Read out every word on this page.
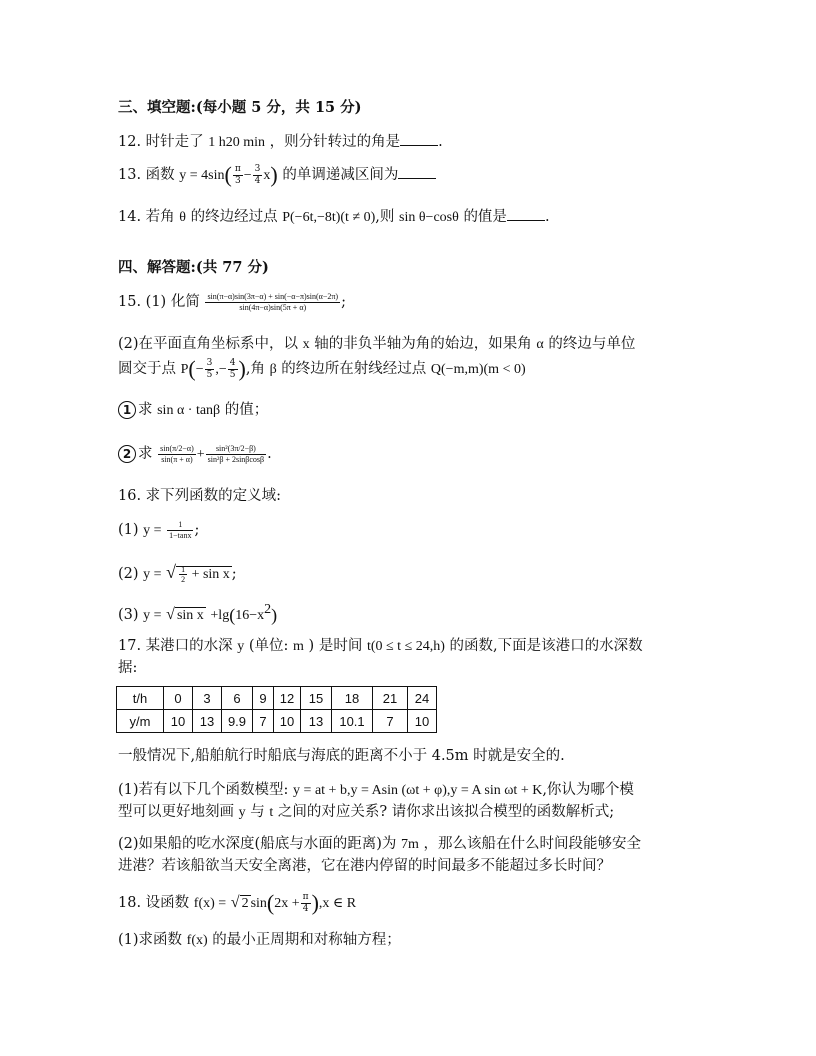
三、填空题:(每小题 5 分，共 15 分)
12. 时针走了 1 h20 min ，则分针转过的角是	.
13. 函数 $y = 4\sin( \frac{\pi}{3} - \frac{3}{4} x)$ 的单调递减区间为
14. 若角 θ 的终边经过点 P(−6t,−8t)(t ≠ 0),则 sin θ−cosθ 的值是	.
四、解答题:(共 77 分)
15. (1) 化简 $\frac{\sin(\pi-\alpha)\sin(3\pi-\alpha) + \sin(-\alpha-\pi)\sin(\alpha-2\pi)}{\sin(4\pi-\alpha)\sin(5\pi + \alpha)}$ ;
(2)在平面直角坐标系中，以 x 轴的非负半轴为角的始边，如果角 α 的终边与单位
圆交于点 $P(- \frac{3}{5}$ ,− $\frac{4}{5}$ ),角 β 的终边所在射线经过点 Q(−m,m)(m < 0)
1 求 sin α · tanβ 的值；
2 求 $\frac{\sin(\pi/2-\alpha)}{\sin(\pi + \alpha)} + \frac{\text{sin²(3π/2−β)}}{\text{sin²β + 2sinβcosβ}}$ .
16. 求下列函数的定义域:
(1) $y = \frac{1}{1-\tan x}$ ;
(2) y = √ $\frac{1}{2} + \sin x$ ;
(3) y = √ $\sin x +\lg(16-x^2)$
17. 某港口的水深 y (单位: m ) 是时间 t(0 ≤ t ≤ 24,h) 的函数,下面是该港口的水深数
据:
t/h	0	3	6	9	12	15	18	21	24
y/m	10	13	9.9	7	10	13	10.1	7	10
一般情况下,船舶航行时船底与海底的距离不小于 4.5m 时就是安全的.
(1)若有以下几个函数模型: y = at + b,y = Asin (ωt + φ),y = A sin ωt + K,你认为哪个模
型可以更好地刻画 y 与 t 之间的对应关系? 请你求出该拟合模型的函数解析式;
(2)如果船的吃水深度(船底与水面的距离)为 7m ，那么该船在什么时间段能够安全
进港？若该船欲当天安全离港，它在港内停留的时间最多不能超过多长时间？
18. 设函数 f(x) = √ 2 $\sin(2x + \frac{\pi}{4} ),x$ ∈ R
(1)求函数 f(x) 的最小正周期和对称轴方程；
